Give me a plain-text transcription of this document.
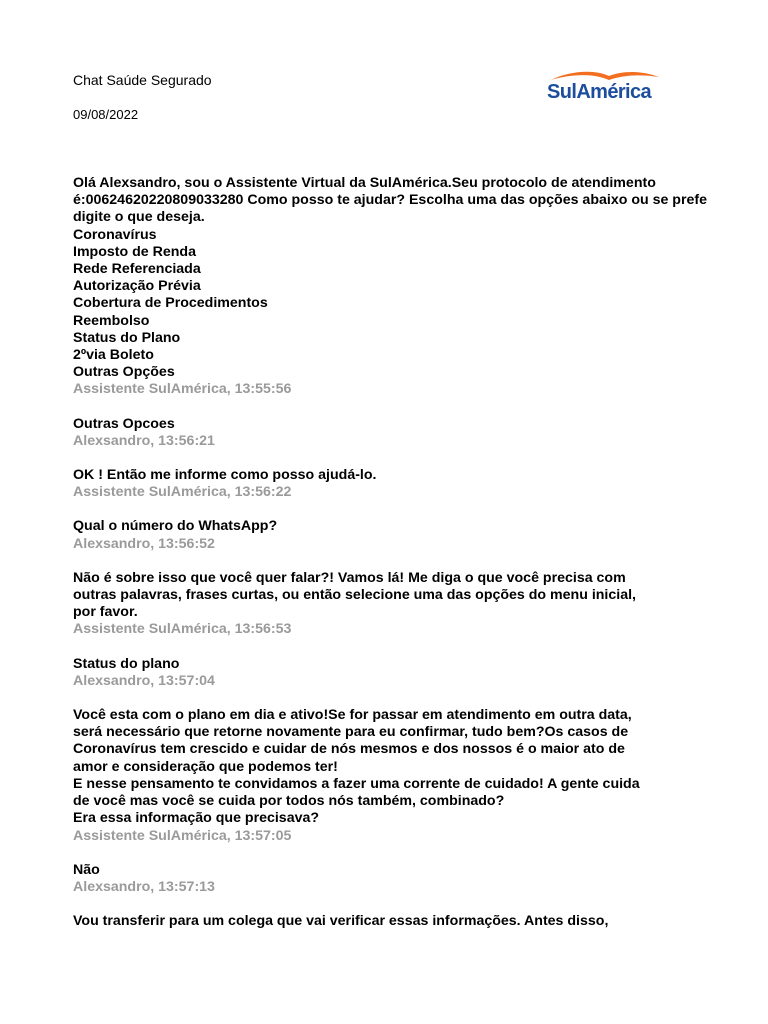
Chat Saúde Segurado
09/08/2022
SulAmérica
Olá Alexsandro, sou o Assistente Virtual da SulAmérica.Seu protocolo de atendimento
é:00624620220809033280 Como posso te ajudar? Escolha uma das opções abaixo ou se prefe
digite o que deseja.
Coronavírus
Imposto de Renda
Rede Referenciada
Autorização Prévia
Cobertura de Procedimentos
Reembolso
Status do Plano
2ºvia Boleto
Outras Opções
Assistente SulAmérica, 13:55:56
Outras Opcoes
Alexsandro, 13:56:21
OK ! Então me informe como posso ajudá-lo.
Assistente SulAmérica, 13:56:22
Qual o número do WhatsApp?
Alexsandro, 13:56:52
Não é sobre isso que você quer falar?! Vamos lá! Me diga o que você precisa com
outras palavras, frases curtas, ou então selecione uma das opções do menu inicial,
por favor.
Assistente SulAmérica, 13:56:53
Status do plano
Alexsandro, 13:57:04
Você esta com o plano em dia e ativo!Se for passar em atendimento em outra data,
será necessário que retorne novamente para eu confirmar, tudo bem?Os casos de
Coronavírus tem crescido e cuidar de nós mesmos e dos nossos é o maior ato de
amor e consideração que podemos ter!
E nesse pensamento te convidamos a fazer uma corrente de cuidado! A gente cuida
de você mas você se cuida por todos nós também, combinado?
Era essa informação que precisava?
Assistente SulAmérica, 13:57:05
Não
Alexsandro, 13:57:13
Vou transferir para um colega que vai verificar essas informações. Antes disso,
